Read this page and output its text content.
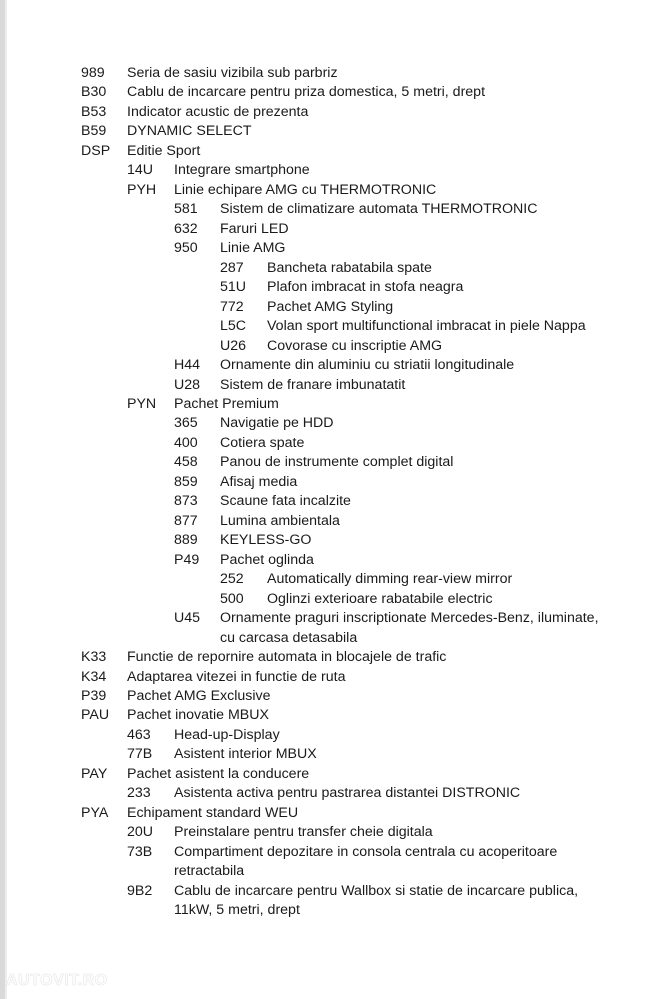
989 Seria de sasiu vizibila sub parbriz
B30 Cablu de incarcare pentru priza domestica, 5 metri, drept
B53 Indicator acustic de prezenta
B59 DYNAMIC SELECT
DSP Editie Sport
14U Integrare smartphone
PYH Linie echipare AMG cu THERMOTRONIC
581 Sistem de climatizare automata THERMOTRONIC
632 Faruri LED
950 Linie AMG
287 Bancheta rabatabila spate
51U Plafon imbracat in stofa neagra
772 Pachet AMG Styling
L5C Volan sport multifunctional imbracat in piele Nappa
U26 Covorase cu inscriptie AMG
H44 Ornamente din aluminiu cu striatii longitudinale
U28 Sistem de franare imbunatatit
PYN Pachet Premium
365 Navigatie pe HDD
400 Cotiera spate
458 Panou de instrumente complet digital
859 Afisaj media
873 Scaune fata incalzite
877 Lumina ambientala
889 KEYLESS-GO
P49 Pachet oglinda
252 Automatically dimming rear-view mirror
500 Oglinzi exterioare rabatabile electric
U45 Ornamente praguri inscriptionate Mercedes-Benz, iluminate,
cu carcasa detasabila
K33 Functie de repornire automata in blocajele de trafic
K34 Adaptarea vitezei in functie de ruta
P39 Pachet AMG Exclusive
PAU Pachet inovatie MBUX
463 Head-up-Display
77B Asistent interior MBUX
PAY Pachet asistent la conducere
233 Asistenta activa pentru pastrarea distantei DISTRONIC
PYA Echipament standard WEU
20U Preinstalare pentru transfer cheie digitala
73B Compartiment depozitare in consola centrala cu acoperitoare
retractabila
9B2 Cablu de incarcare pentru Wallbox si statie de incarcare publica,
11kW, 5 metri, drept
AUTOVIT.RO
